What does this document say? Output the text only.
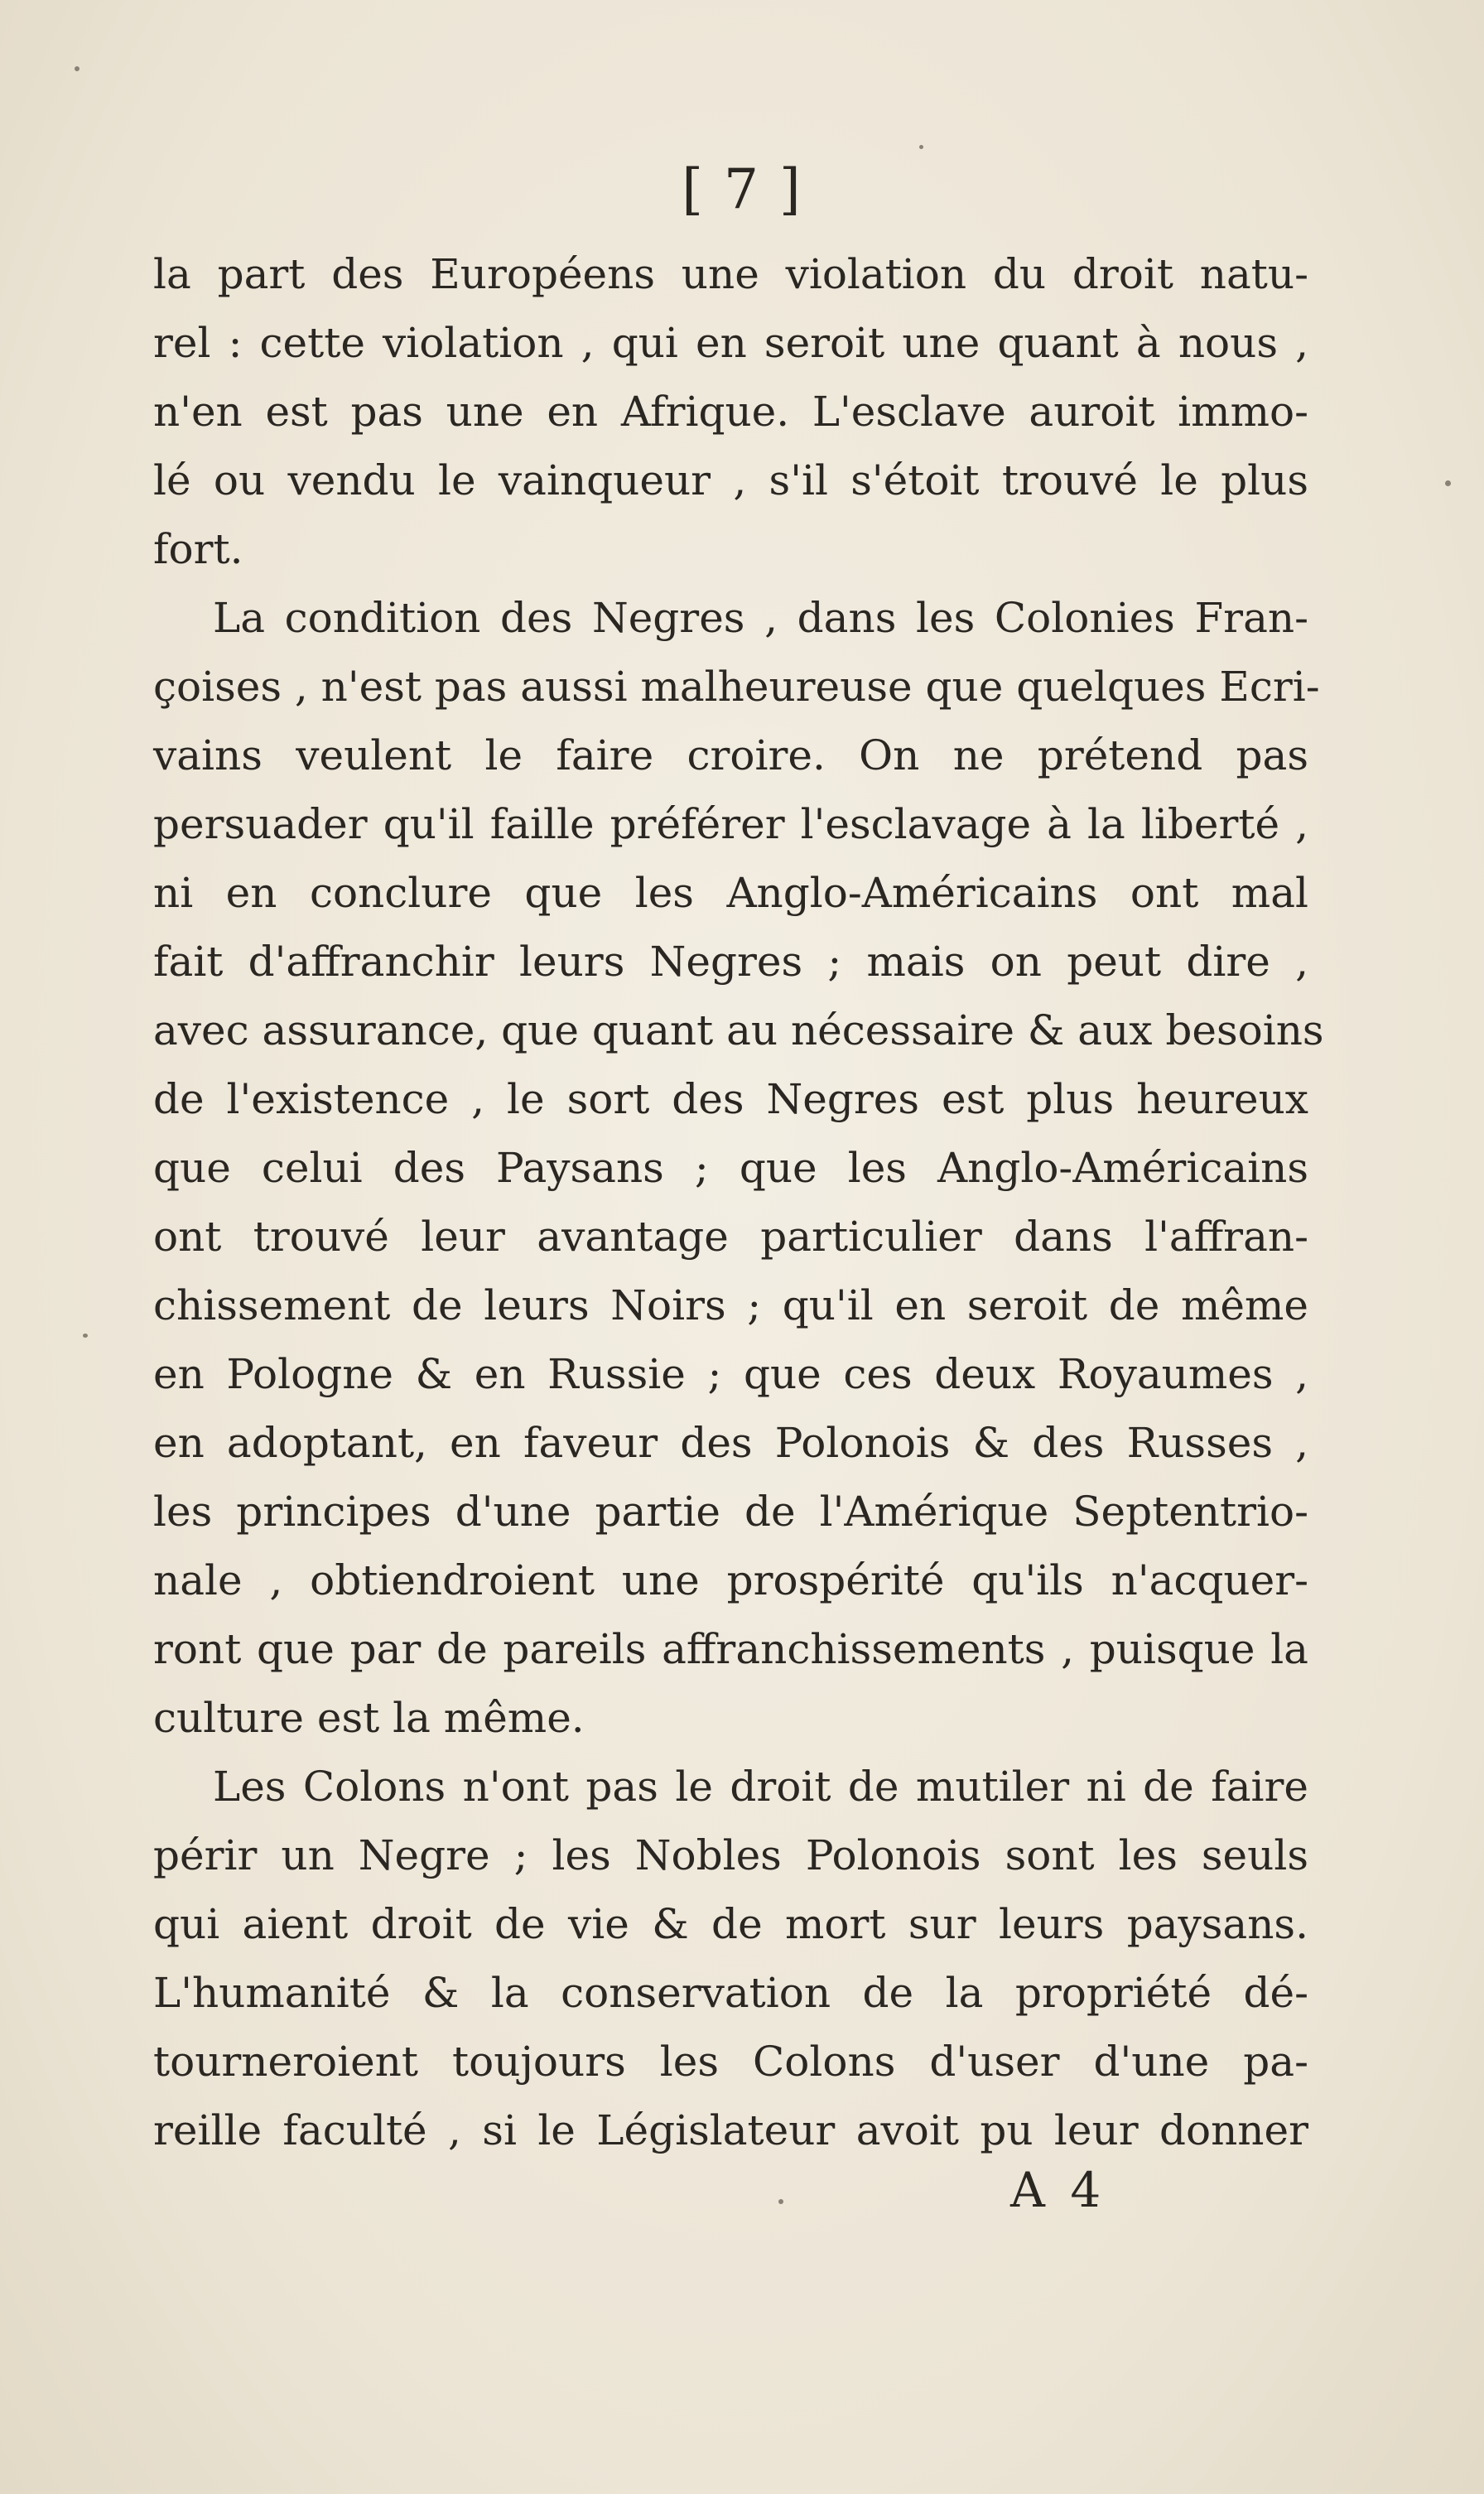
[ 7 ]
la part des Européens une violation du droit natu-
rel : cette violation , qui en seroit une quant à nous ,
n'en est pas une en Afrique. L'esclave auroit immo-
lé ou vendu le vainqueur , s'il s'étoit trouvé le plus
fort.
La condition des Negres , dans les Colonies Fran-
çoises , n'est pas aussi malheureuse que quelques Ecri-
vains veulent le faire croire. On ne prétend pas
persuader qu'il faille préférer l'esclavage à la liberté ,
ni en conclure que les Anglo-Américains ont mal
fait d'affranchir leurs Negres ; mais on peut dire ,
avec assurance, que quant au nécessaire & aux besoins
de l'existence , le sort des Negres est plus heureux
que celui des Paysans ; que les Anglo-Américains
ont trouvé leur avantage particulier dans l'affran-
chissement de leurs Noirs ; qu'il en seroit de même
en Pologne & en Russie ; que ces deux Royaumes ,
en adoptant, en faveur des Polonois & des Russes ,
les principes d'une partie de l'Amérique Septentrio-
nale , obtiendroient une prospérité qu'ils n'acquer-
ront que par de pareils affranchissements , puisque la
culture est la même.
Les Colons n'ont pas le droit de mutiler ni de faire
périr un Negre ; les Nobles Polonois sont les seuls
qui aient droit de vie & de mort sur leurs paysans.
L'humanité & la conservation de la propriété dé-
tourneroient toujours les Colons d'user d'une pa-
reille faculté , si le Législateur avoit pu leur donner
A 4
